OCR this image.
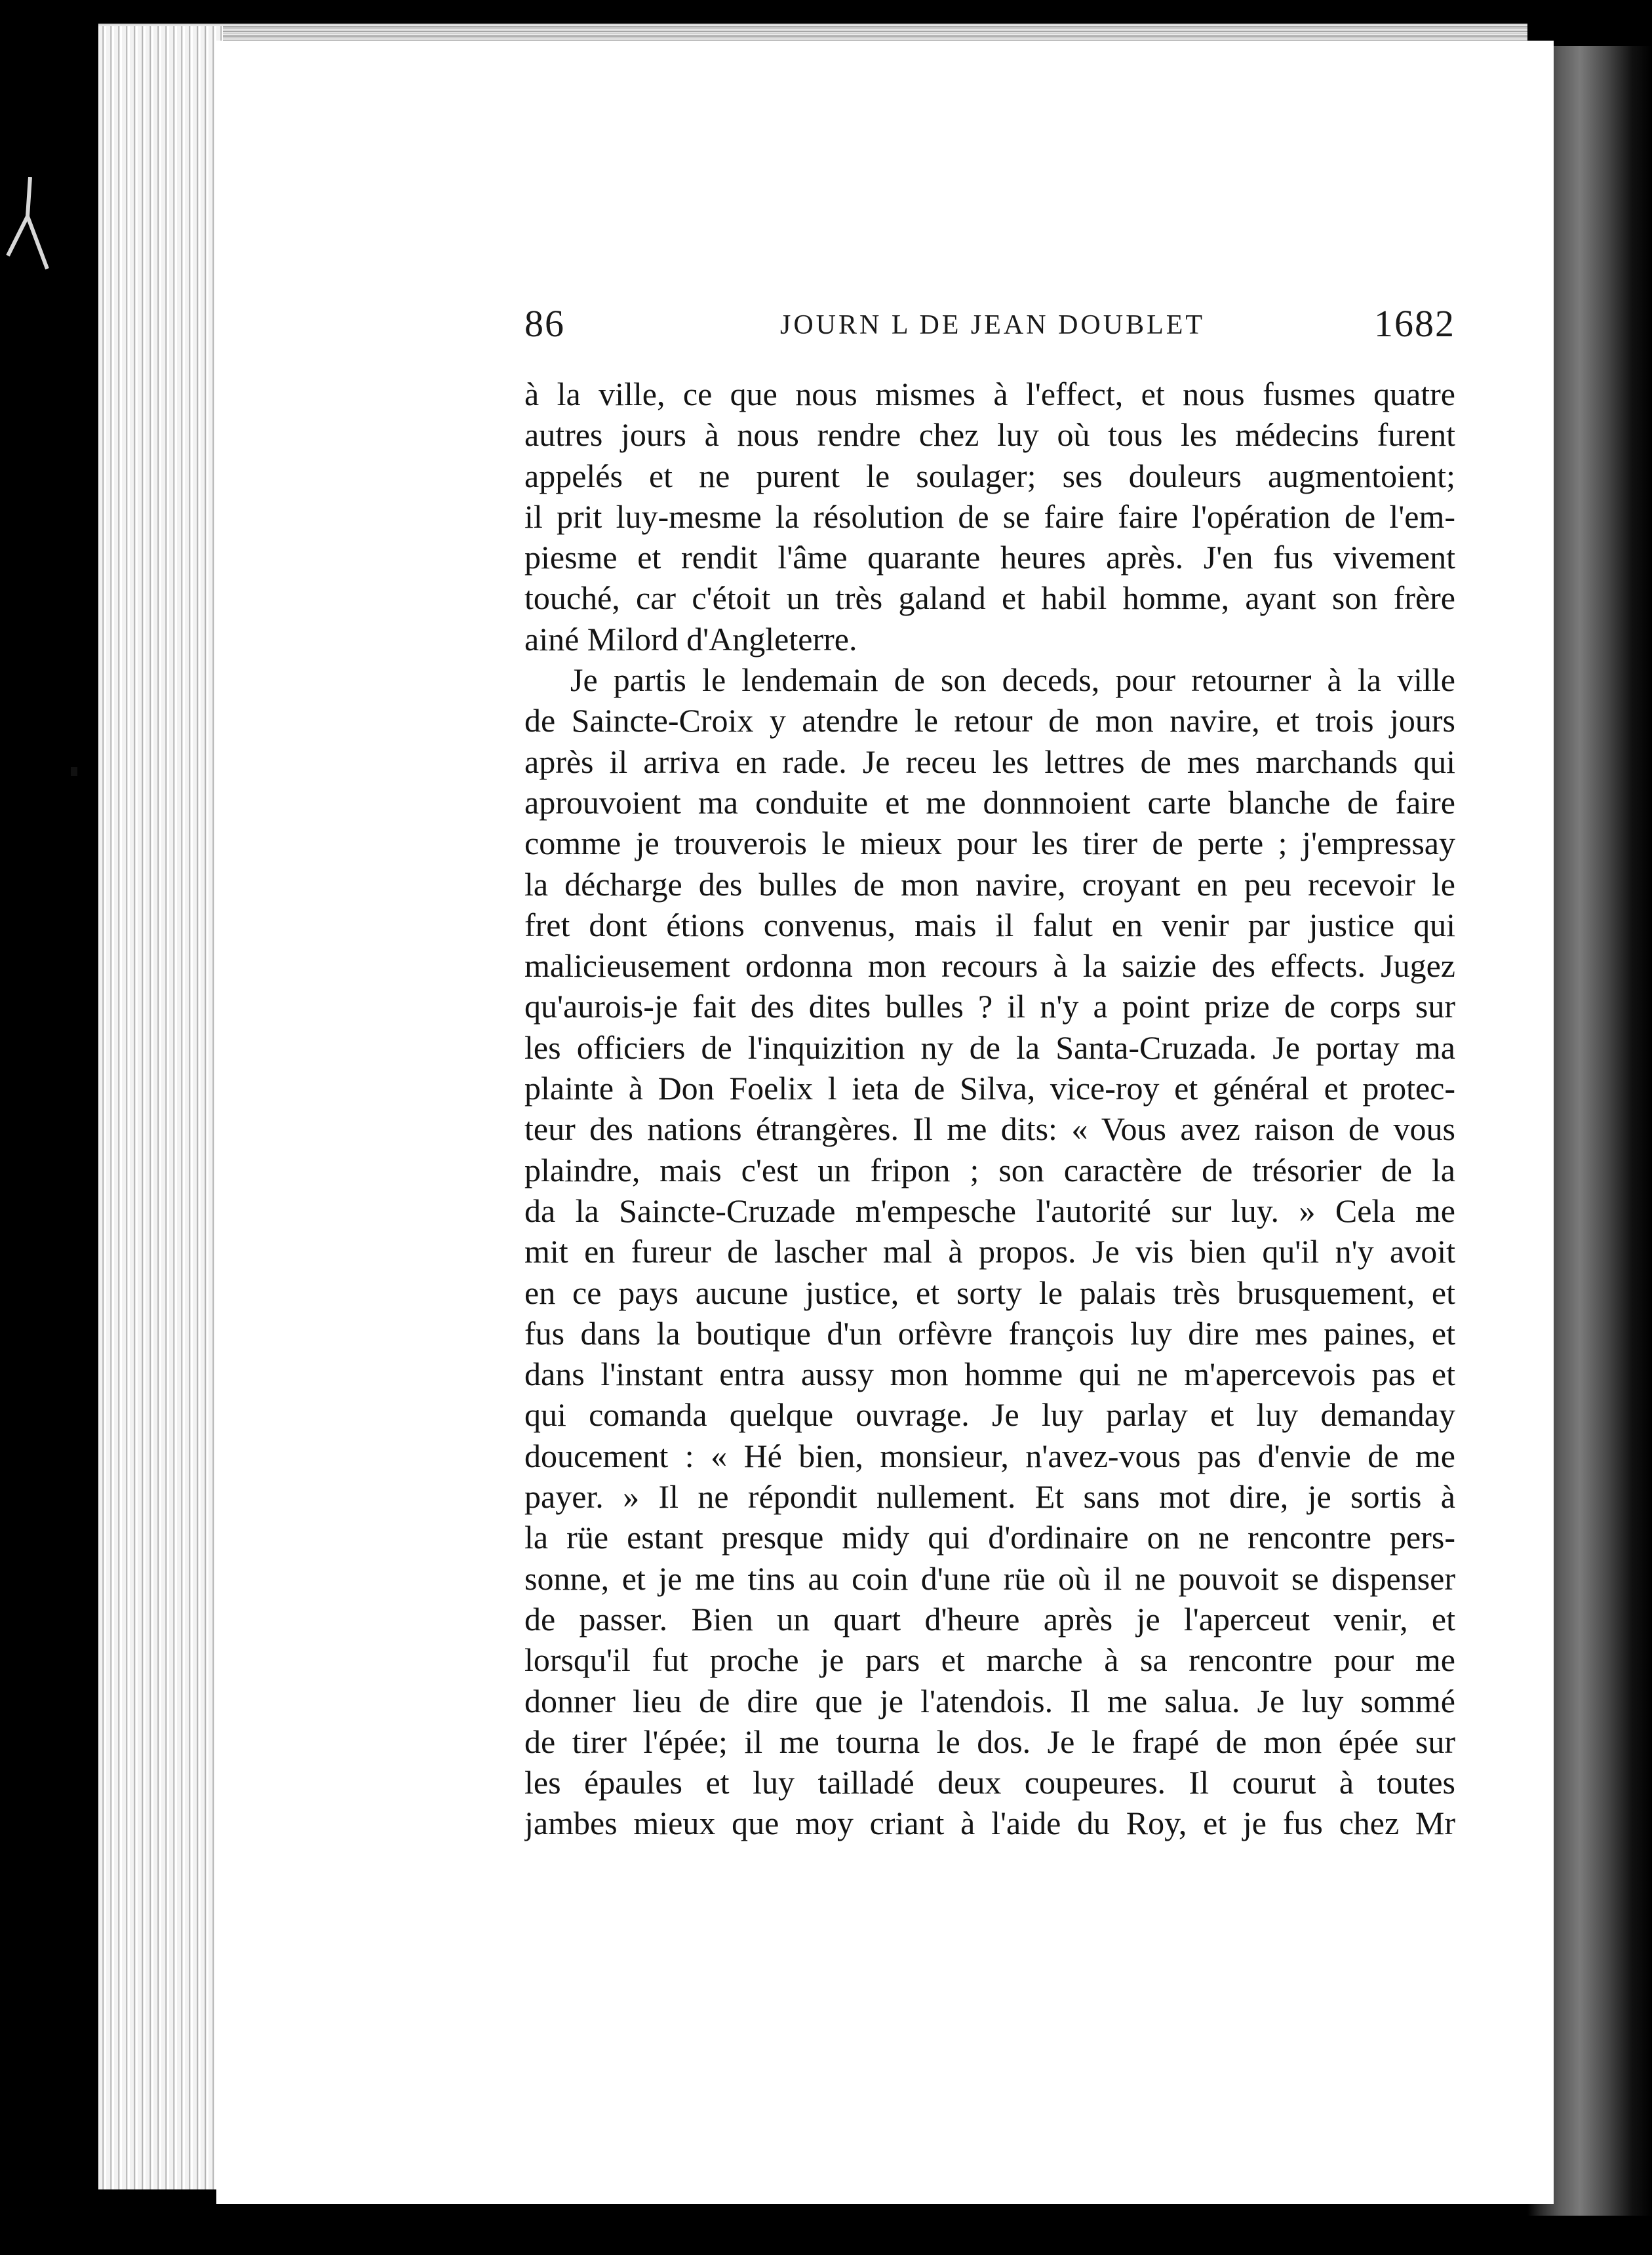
86	JOURN L DE JEAN DOUBLET	1682
à la ville, ce que nous mismes à l'effect, et nous fusmes quatre
autres jours à nous rendre chez luy où tous les médecins furent
appelés et ne purent le soulager; ses douleurs augmentoient;
il prit luy-mesme la résolution de se faire faire l'opération de l'em-
piesme et rendit l'âme quarante heures après. J'en fus vivement
touché, car c'étoit un très galand et habil homme, ayant son frère
ainé Milord d'Angleterre.
Je partis le lendemain de son deceds, pour retourner à la ville
de Saincte-Croix y atendre le retour de mon navire, et trois jours
après il arriva en rade. Je receu les lettres de mes marchands qui
aprouvoient ma conduite et me donnnoient carte blanche de faire
comme je trouverois le mieux pour les tirer de perte ; j'empressay
la décharge des bulles de mon navire, croyant en peu recevoir le
fret dont étions convenus, mais il falut en venir par justice qui
malicieusement ordonna mon recours à la saizie des effects. Jugez
qu'aurois-je fait des dites bulles ? il n'y a point prize de corps sur
les officiers de l'inquizition ny de la Santa-Cruzada. Je portay ma
plainte à Don Foelix l ieta de Silva, vice-roy et général et protec-
teur des nations étrangères. Il me dits: « Vous avez raison de vous
plaindre, mais c'est un fripon ; son caractère de trésorier de la
da la Saincte-Cruzade m'empesche l'autorité sur luy. » Cela me
mit en fureur de lascher mal à propos. Je vis bien qu'il n'y avoit
en ce pays aucune justice, et sorty le palais très brusquement, et
fus dans la boutique d'un orfèvre françois luy dire mes paines, et
dans l'instant entra aussy mon homme qui ne m'apercevois pas et
qui comanda quelque ouvrage. Je luy parlay et luy demanday
doucement : « Hé bien, monsieur, n'avez-vous pas d'envie de me
payer. » Il ne répondit nullement. Et sans mot dire, je sortis à
la rüe estant presque midy qui d'ordinaire on ne rencontre pers-
sonne, et je me tins au coin d'une rüe où il ne pouvoit se dispenser
de passer. Bien un quart d'heure après je l'aperceut venir, et
lorsqu'il fut proche je pars et marche à sa rencontre pour me
donner lieu de dire que je l'atendois. Il me salua. Je luy sommé
de tirer l'épée; il me tourna le dos. Je le frapé de mon épée sur
les épaules et luy tailladé deux coupeures. Il courut à toutes
jambes mieux que moy criant à l'aide du Roy, et je fus chez Mr
